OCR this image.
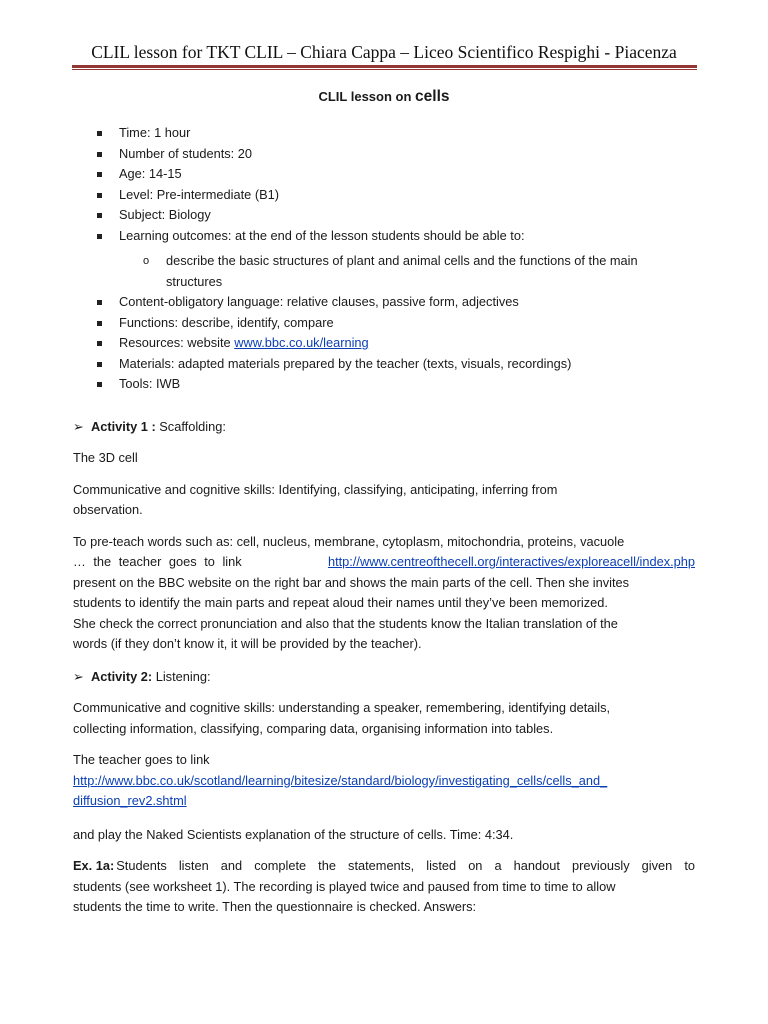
CLIL lesson for TKT CLIL – Chiara Cappa – Liceo Scientifico Respighi - Piacenza
CLIL lesson on cells
Time: 1 hour
Number of students: 20
Age: 14-15
Level: Pre-intermediate (B1)
Subject: Biology
Learning outcomes: at the end of the lesson students should be able to:
o describe the basic structures of plant and animal cells and the functions of the main
structures
Content-obligatory language: relative clauses, passive form, adjectives
Functions: describe, identify, compare
Resources: website www.bbc.co.uk/learning
Materials: adapted materials prepared by the teacher (texts, visuals, recordings)
Tools: IWB
➢ Activity 1 : Scaffolding:

The 3D cell

Communicative and cognitive skills: Identifying, classifying, anticipating, inferring from
observation.

To pre-teach words such as: cell, nucleus, membrane, cytoplasm, mitochondria, proteins, vacuole
… the teacher goes to link	http://www.centreofthecell.org/interactives/exploreacell/index.php
present on the BBC website on the right bar and shows the main parts of the cell. Then she invites
students to identify the main parts and repeat aloud their names until they’ve been memorized.
She check the correct pronunciation and also that the students know the Italian translation of the
words (if they don’t know it, it will be provided by the teacher).
➢ Activity 2: Listening:

Communicative and cognitive skills: understanding a speaker, remembering, identifying details,
collecting information, classifying, comparing data, organising information into tables.

The teacher goes to link

http://www.bbc.co.uk/scotland/learning/bitesize/standard/biology/investigating_cells/cells_and_
diffusion_rev2.shtml

and play the Naked Scientists explanation of the structure of cells. Time: 4:34.

Ex. 1a: Students listen and complete the statements, listed on a handout previously given to
students (see worksheet 1). The recording is played twice and paused from time to time to allow
students the time to write. Then the questionnaire is checked. Answers:
